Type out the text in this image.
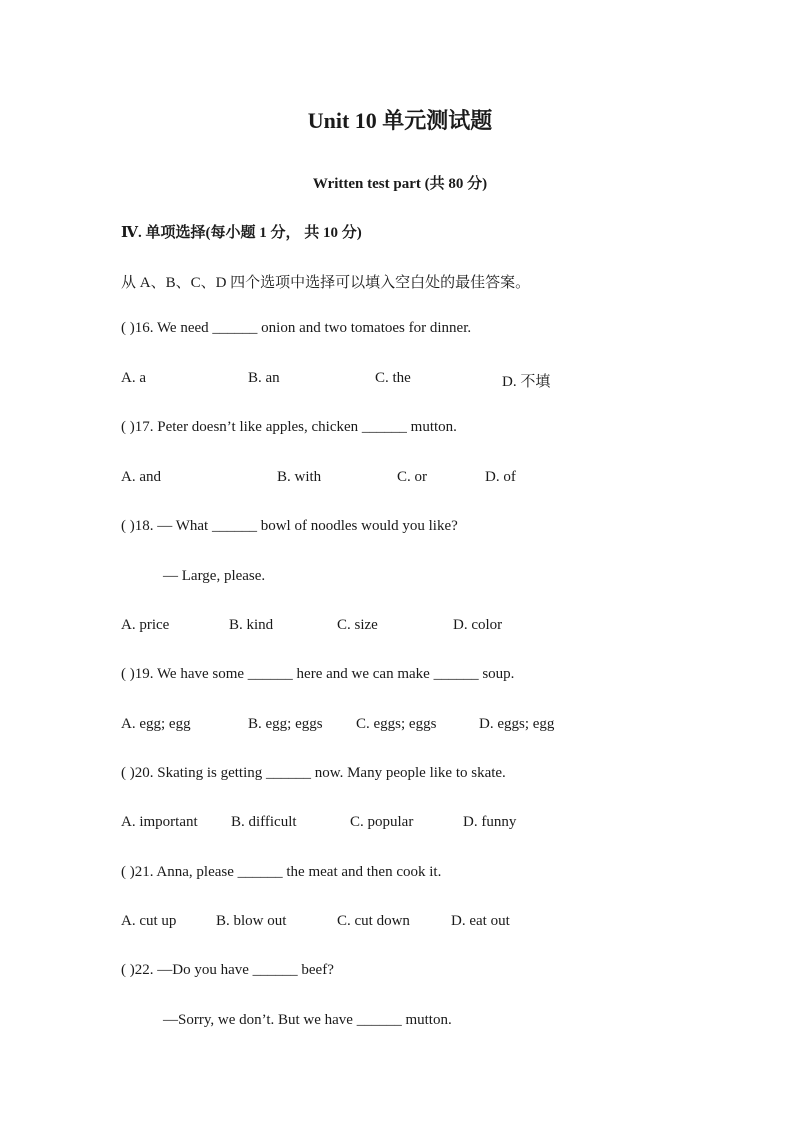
Unit 10 单元测试题
Written test part (共 80 分)
Ⅳ. 单项选择(每小题 1 分， 共 10 分)
从 A、B、C、D 四个选项中选择可以填入空白处的最佳答案。
( )16. We need ______ onion and two tomatoes for dinner.
A. a	B. an	C. the	D. 不填
( )17. Peter doesn’t like apples, chicken ______ mutton.
A. and	B. with	C. or	D. of
( )18. — What ______ bowl of noodles would you like?
— Large, please.
A. price	B. kind	C. size	D. color
( )19. We have some ______ here and we can make ______ soup.
A. egg; egg	B. egg; eggs C. eggs; eggs	D. eggs; egg
( )20. Skating is getting ______ now. Many people like to skate.
A. important B. difficult	C. popular	D. funny
( )21. Anna, please ______ the meat and then cook it.
A. cut up	B. blow out	C. cut down	D. eat out
( )22. —Do you have ______ beef?
—Sorry, we don’t. But we have ______ mutton.
